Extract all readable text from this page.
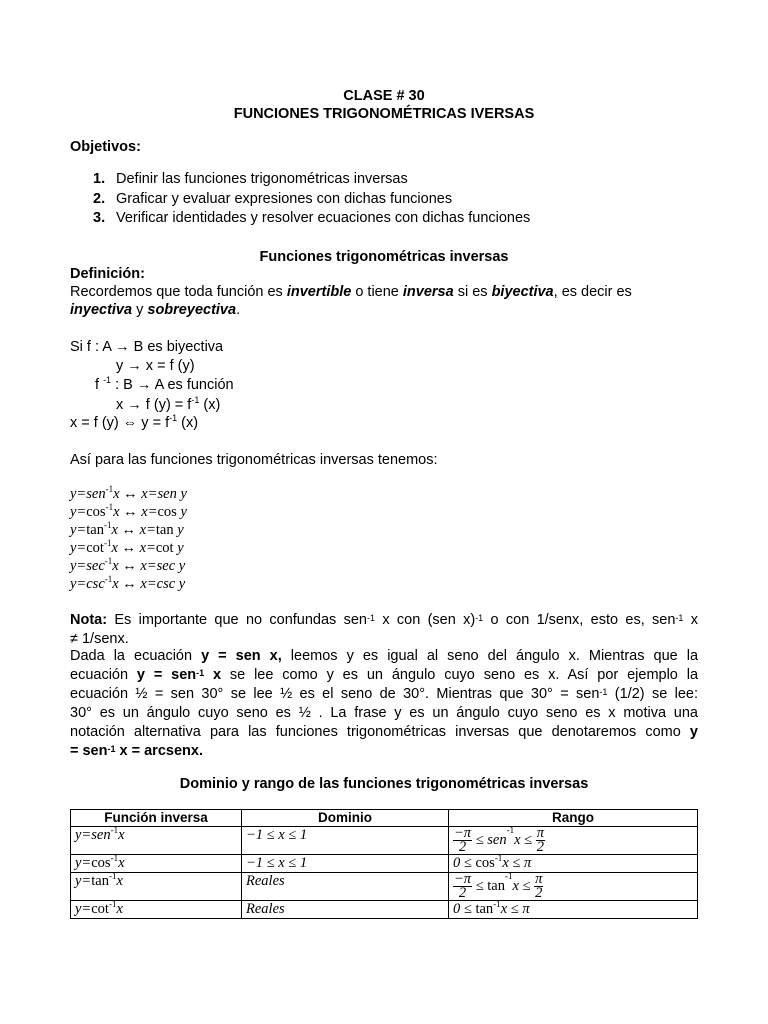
CLASE # 30
FUNCIONES TRIGONOMÉTRICAS IVERSAS
Objetivos:
1. Definir las funciones trigonométricas inversas
2. Graficar y evaluar expresiones con dichas funciones
3. Verificar identidades y resolver ecuaciones con dichas funciones
Funciones trigonométricas inversas
Definición:
Recordemos que toda función es invertible o tiene inversa si es biyectiva, es decir es
inyectiva y sobreyectiva.
Si f : A → B es biyectiva
y → x = f (y)
f $^{-1}$ : B → A es función
x → f $(y) = f^{-1}$ (x)
x = f (y) ⇔ $y = f^{-1}$ (x)
Así para las funciones trigonométricas inversas tenemos:
y=sen$^{-1}$x ↔ x=sen y
$y=\cos^{-1}x$ ↔ x=cos y
$y=\tan^{-1}x$ ↔ x=tan y
$y=\cot^{-1}x$ ↔ x=cot y
$y=\sec^{-1}x$ ↔ x=sec y
$y=\csc^{-1}x$ ↔ x=csc y
Nota: Es importante que no confundas sen$^{-1}$ x con (sen x)$^{-1}$ o con 1/senx, esto es, sen$^{-1}$ x
≠ 1/senx.
Dada la ecuación y = sen x, leemos y es igual al seno del ángulo x. Mientras que la
ecuación y = sen$^{-1}$ x se lee como y es un ángulo cuyo seno es x. Así por ejemplo la
ecuación ½ = sen 30° se lee ½ es el seno de 30°. Mientras que 30° = sen$^{-1}$ (1/2) se lee:
30° es un ángulo cuyo seno es ½ . La frase y es un ángulo cuyo seno es x motiva una
notación alternativa para las funciones trigonométricas inversas que denotaremos como y
= sen$^{-1}$ x = arcsenx.
Dominio y rango de las funciones trigonométricas inversas
Función inversa	Dominio	Rango
y=sen$^{-1}$x	−1 ≤ x ≤ 1	$\frac{-\pi}{2} \le sen^{-1}x \le \frac{\pi}{2}$

$y=\cos^{-1}x$	−1 ≤ x ≤ 1	$0 \le \cos^{-1}x \le \pi$
$y=\tan^{-1}x$	Reales	$\frac{-\pi}{2} \le \tan^{-1}x \le \frac{\pi}{2}$

$y=\cot^{-1}x$	Reales	$0 \le \tan^{-1}x \le \pi$
